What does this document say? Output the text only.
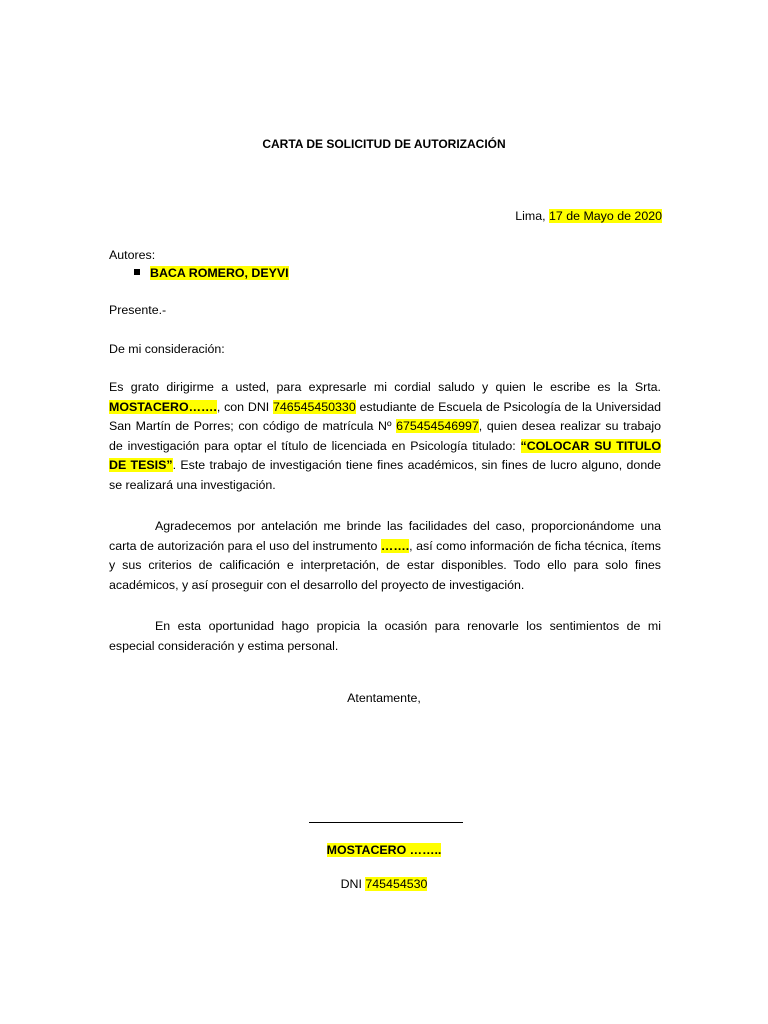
CARTA DE SOLICITUD DE AUTORIZACIÓN
Lima, 17 de Mayo de 2020
Autores:
BACA ROMERO, DEYVI
Presente.-
De mi consideración:
Es grato dirigirme a usted, para expresarle mi cordial saludo y quien le escribe es la Srta. MOSTACERO……., con DNI 746545450330 estudiante de Escuela de Psicología de la Universidad San Martín de Porres; con código de matrícula Nº 675454546997, quien desea realizar su trabajo de investigación para optar el título de licenciada en Psicología titulado: “COLOCAR SU TITULO DE TESIS”. Este trabajo de investigación tiene fines académicos, sin fines de lucro alguno, donde se realizará una investigación.
Agradecemos por antelación me brinde las facilidades del caso, proporcionándome una carta de autorización para el uso del instrumento ……., así como información de ficha técnica, ítems y sus criterios de calificación e interpretación, de estar disponibles. Todo ello para solo fines académicos, y así proseguir con el desarrollo del proyecto de investigación.
En esta oportunidad hago propicia la ocasión para renovarle los sentimientos de mi especial consideración y estima personal.
Atentamente,
MOSTACERO ……..
DNI 745454530
